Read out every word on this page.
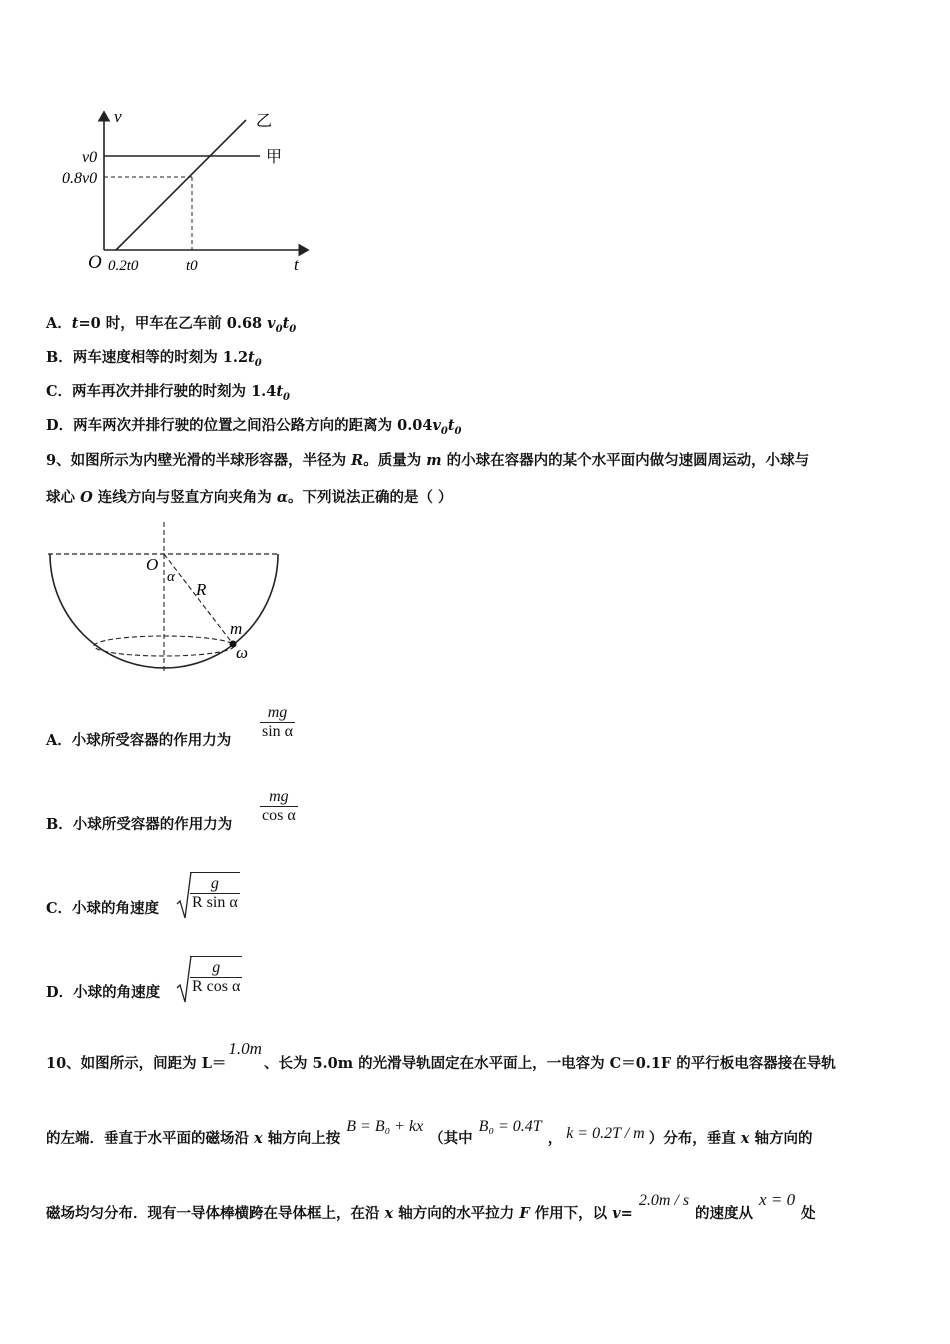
v
t
O
v0
0.8v0
0.2t0	t0
甲
乙
A．t=0 时，甲车在乙车前 0.68 $v_0t_0$
B．两车速度相等的时刻为 $1.2t_0$
C．两车再次并排行驶的时刻为 $1.4t_0$
D．两车两次并排行驶的位置之间沿公路方向的距离为 $0.04v_0t_0$
9、如图所示为内壁光滑的半球形容器，半径为 R。质量为 m 的小球在容器内的某个水平面内做匀速圆周运动，小球与
球心 O 连线方向与竖直方向夹角为 α。下列说法正确的是（ ）
O
α
R
m
ω
A．小球所受容器的作用力为
mg
sin α
B．小球所受容器的作用力为
mg
cos α
C．小球的角速度
g
R sin α
D．小球的角速度
g
R cos α
10、如图所示，间距为 L＝1.0m、长为 5.0m 的光滑导轨固定在水平面上，一电容为 C＝0.1F 的平行板电容器接在导轨
的左端．垂直于水平面的磁场沿 x 轴方向上按B = B₀ + kx（其中B₀ = 0.4T， k = 0.2T / m ）分布，垂直 x 轴方向的
磁场均匀分布．现有一导体棒横跨在导体框上，在沿 x 轴方向的水平拉力 F 作用下，以 v=2.0m / s的速度从x = 0处
